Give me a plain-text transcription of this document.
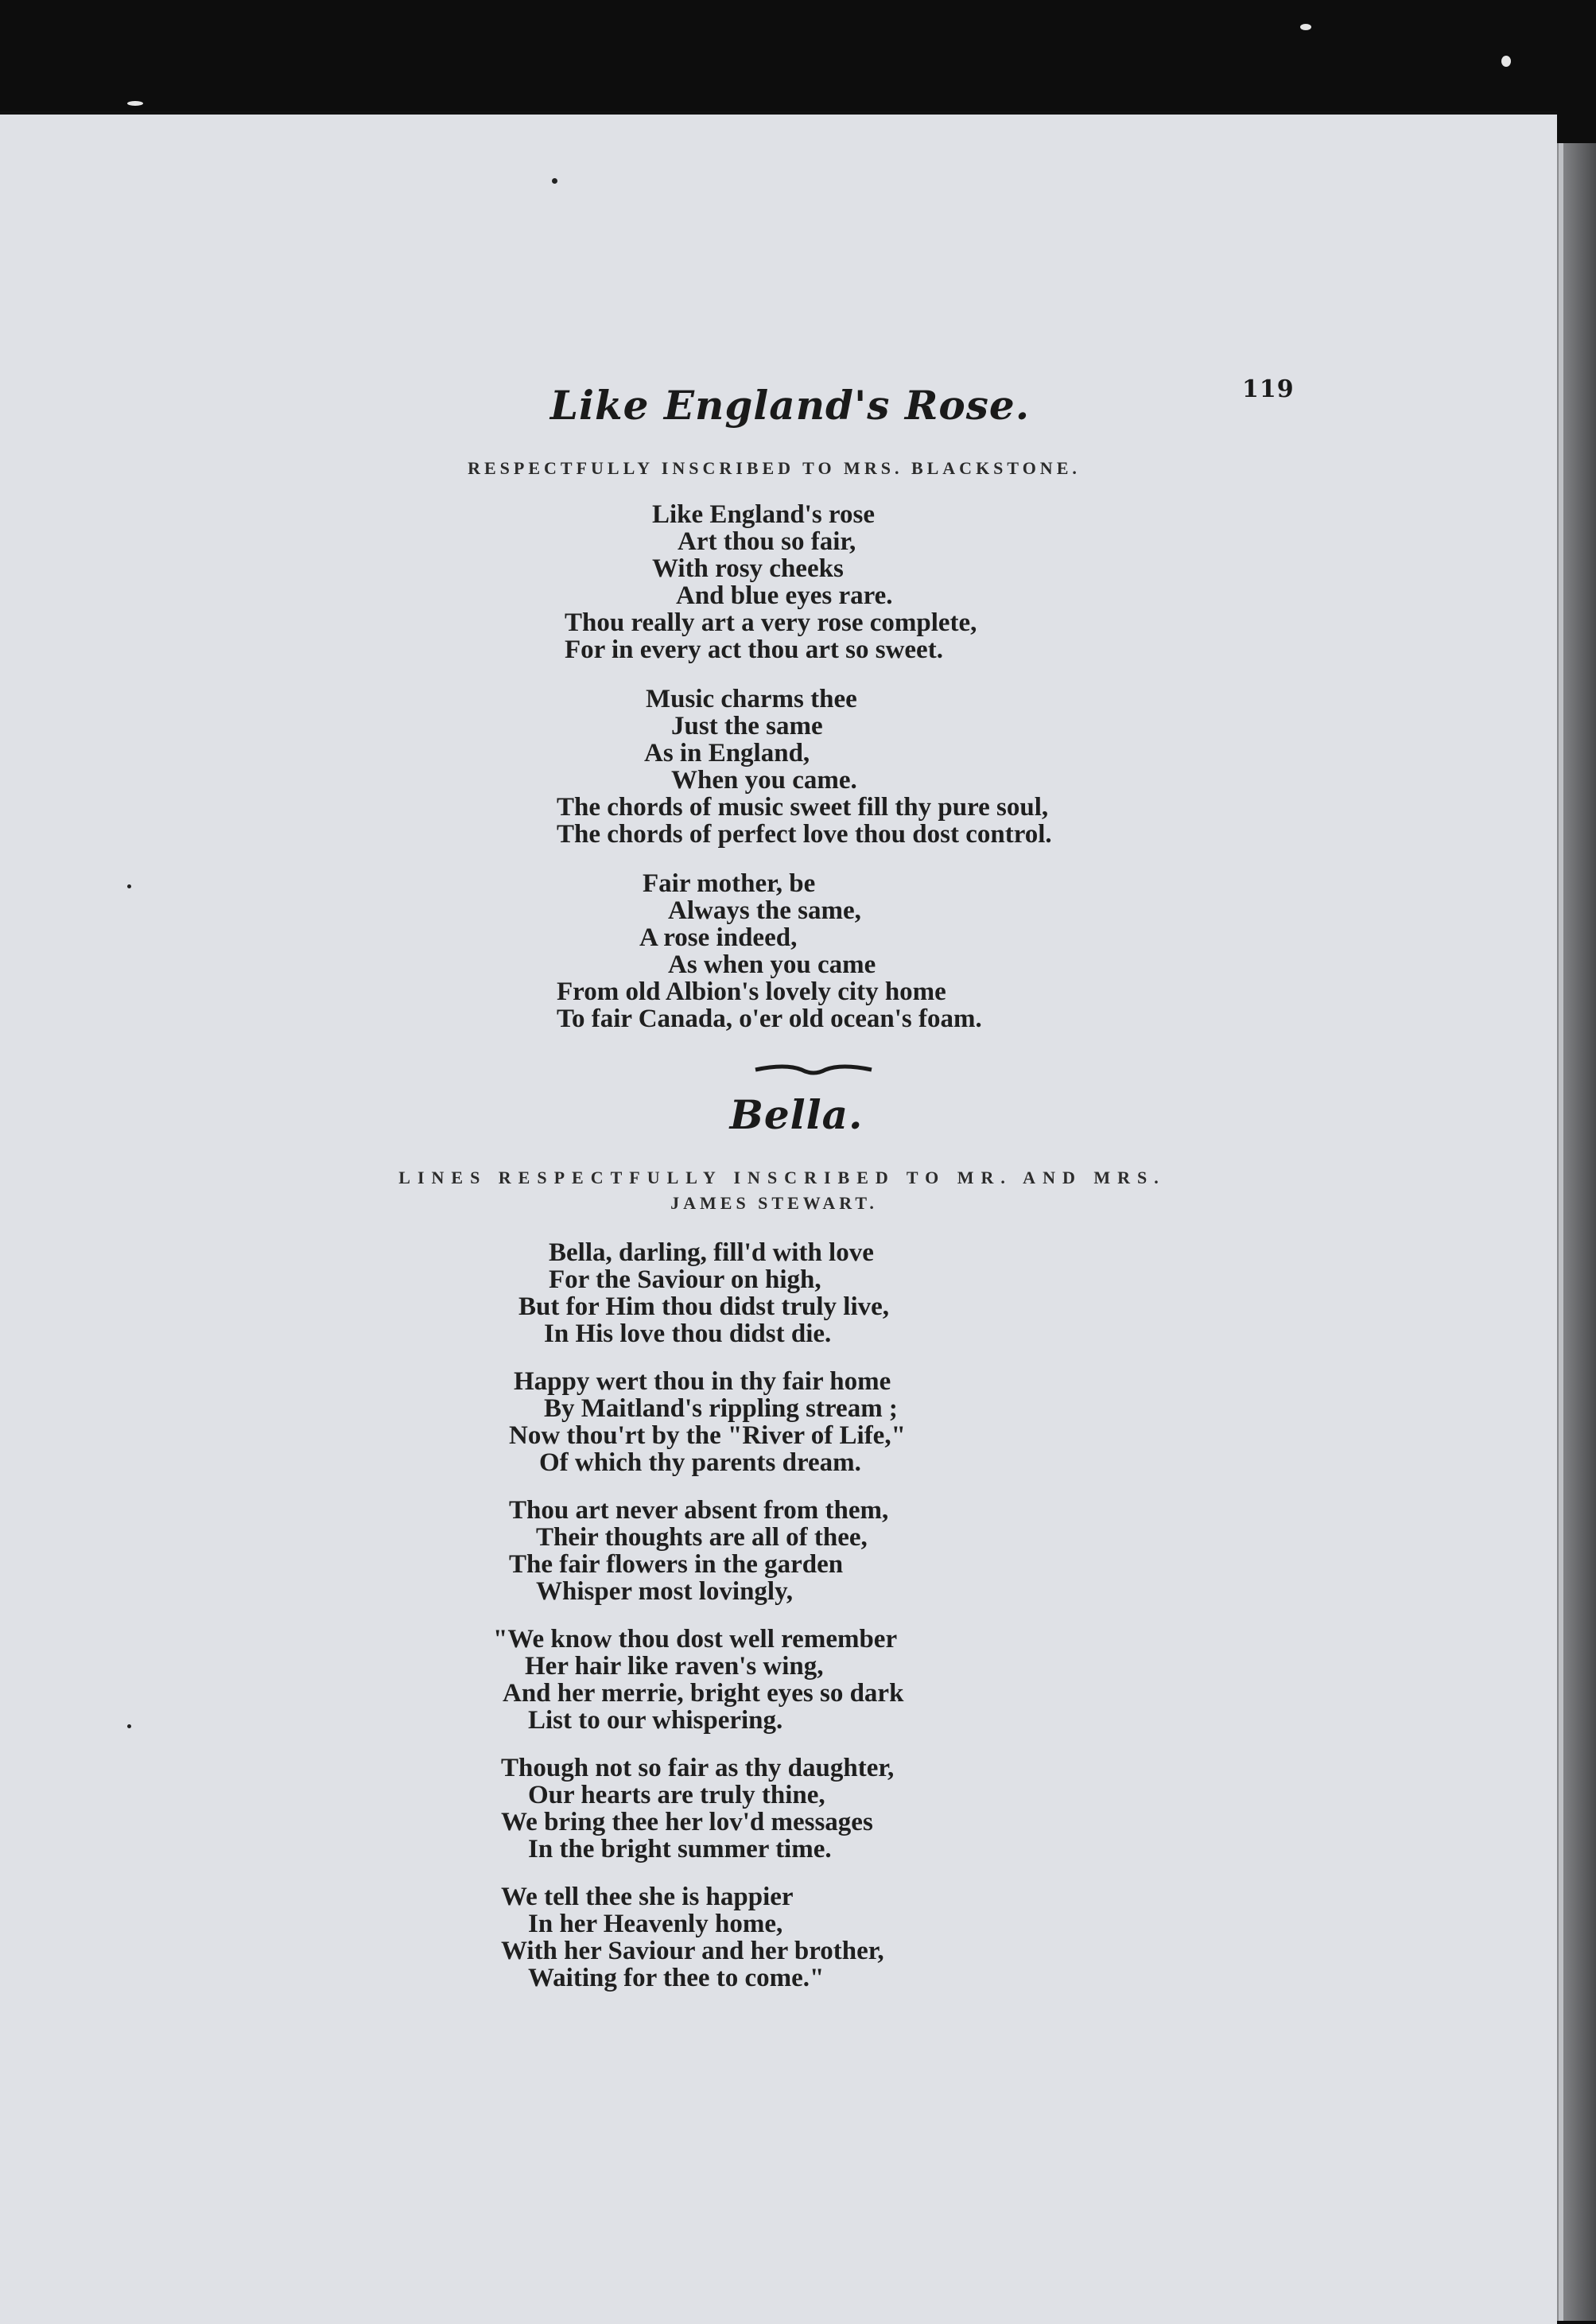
119
Like England's Rose.
RESPECTFULLY INSCRIBED TO MRS. BLACKSTONE.
Like England's rose
Art thou so fair,
With rosy cheeks
And blue eyes rare.
Thou really art a very rose complete,
For in every act thou art so sweet.
Music charms thee
Just the same
As in England,
When you came.
The chords of music sweet fill thy pure soul,
The chords of perfect love thou dost control.
Fair mother, be
Always the same,
A rose indeed,
As when you came
From old Albion's lovely city home
To fair Canada, o'er old ocean's foam.
Bella.
LINES RESPECTFULLY INSCRIBED TO MR. AND MRS.
JAMES STEWART.
Bella, darling, fill'd with love
For the Saviour on high,
But for Him thou didst truly live,
In His love thou didst die.
Happy wert thou in thy fair home
By Maitland's rippling stream ;
Now thou'rt by the "River of Life,"
Of which thy parents dream.
Thou art never absent from them,
Their thoughts are all of thee,
The fair flowers in the garden
Whisper most lovingly,
"We know thou dost well remember
Her hair like raven's wing,
And her merrie, bright eyes so dark
List to our whispering.
Though not so fair as thy daughter,
Our hearts are truly thine,
We bring thee her lov'd messages
In the bright summer time.
We tell thee she is happier
In her Heavenly home,
With her Saviour and her brother,
Waiting for thee to come."
